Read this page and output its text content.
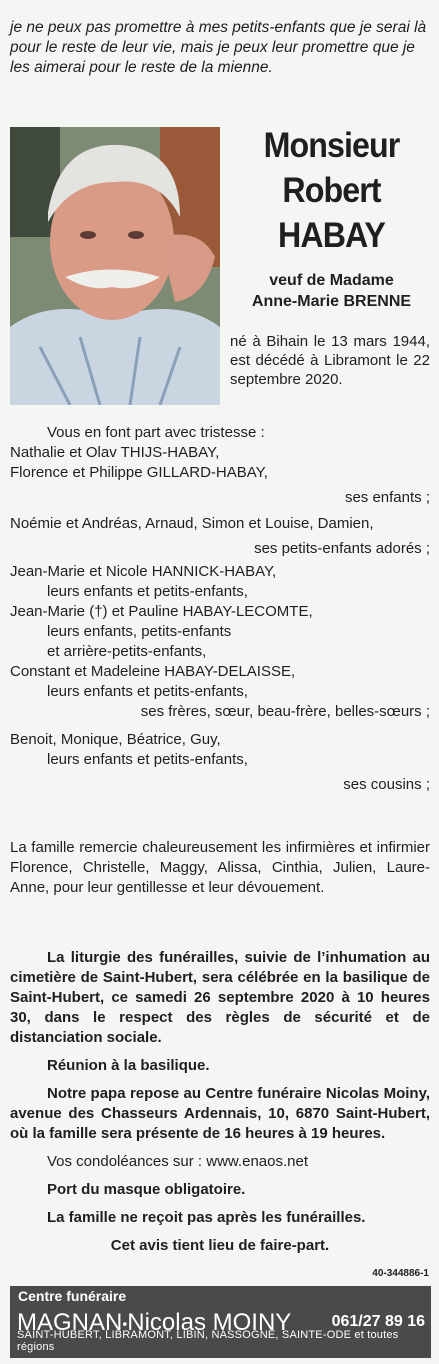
je ne peux pas promettre à mes petits-enfants que je serai là pour le reste de leur vie, mais je peux leur promettre que je les aimerai pour le reste de la mienne.
Monsieur
Robert
HABAY
veuf de Madame
Anne-Marie BRENNE
né à Bihain le 13 mars 1944, est décédé à Libramont le 22 septembre 2020.
Vous en font part avec tristesse :
Nathalie et Olav THIJS-HABAY,
Florence et Philippe GILLARD-HABAY,
ses enfants ;
Noémie et Andréas, Arnaud, Simon et Louise, Damien,
ses petits-enfants adorés ;
Jean-Marie et Nicole HANNICK-HABAY,
leurs enfants et petits-enfants,
Jean-Marie (†) et Pauline HABAY-LECOMTE,
leurs enfants, petits-enfants
et arrière-petits-enfants,
Constant et Madeleine HABAY-DELAISSE,
leurs enfants et petits-enfants,
ses frères, sœur, beau-frère, belles-sœurs ;
Benoit, Monique, Béatrice, Guy,
leurs enfants et petits-enfants,
ses cousins ;
La famille remercie chaleureusement les infirmières et infirmier Florence, Christelle, Maggy, Alissa, Cinthia, Julien, Laure-Anne, pour leur gentillesse et leur dévouement.
La liturgie des funérailles, suivie de l’inhumation au cimetière de Saint-Hubert, sera célébrée en la basilique de Saint-Hubert, ce samedi 26 septembre 2020 à 10 heures 30, dans le respect des règles de sécurité et de distanciation sociale.
Réunion à la basilique.
Notre papa repose au Centre funéraire Nicolas Moiny, avenue des Chasseurs Ardennais, 10, 6870 Saint-Hubert, où la famille sera présente de 16 heures à 19 heures.
Vos condoléances sur : www.enaos.net
Port du masque obligatoire.
La famille ne reçoit pas après les funérailles.
Cet avis tient lieu de faire-part.
40-344886-1
Centre funéraire
MAGNAN•Nicolas MOINY	061/27 89 16
SAINT-HUBERT, LIBRAMONT, LIBIN, NASSOGNE, SAINTE-ODE et toutes régions
